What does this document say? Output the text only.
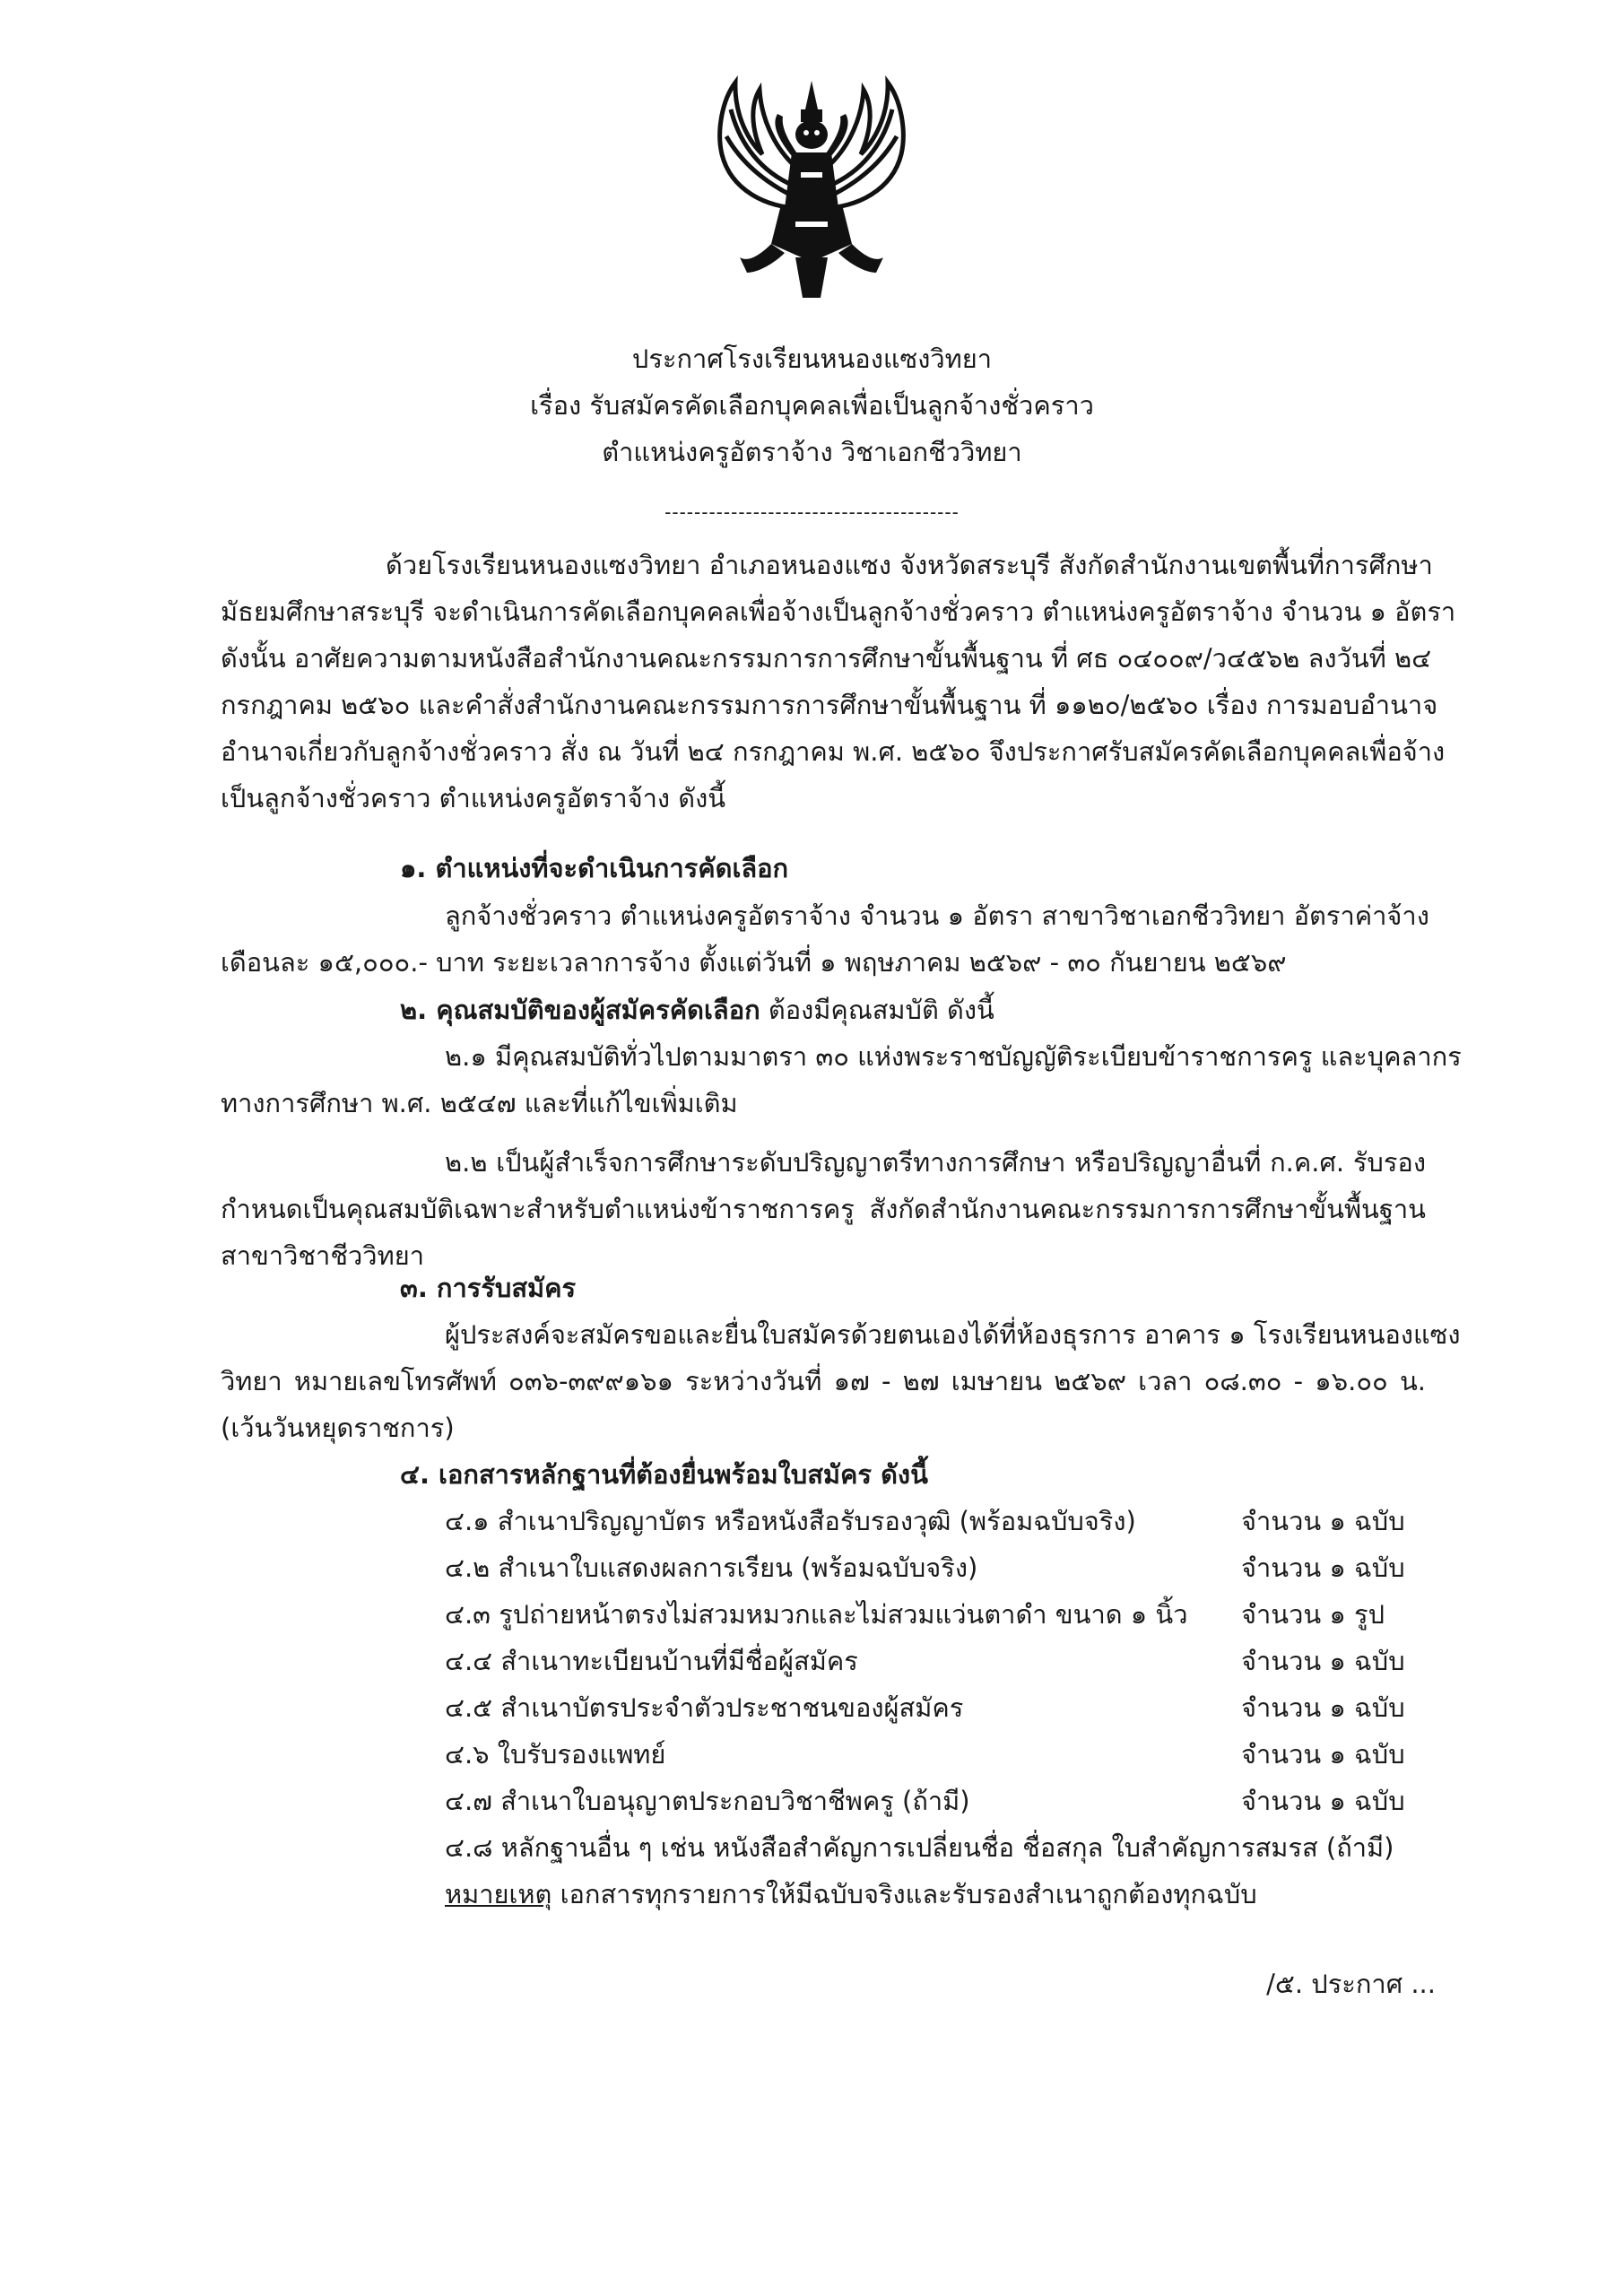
ประกาศโรงเรียนหนองแซงวิทยา
เรื่อง รับสมัครคัดเลือกบุคคลเพื่อเป็นลูกจ้างชั่วคราว
ตำแหน่งครูอัตราจ้าง วิชาเอกชีววิทยา
----------------------------------------
ด้วยโรงเรียนหนองแซงวิทยา อำเภอหนองแซง จังหวัดสระบุรี สังกัดสำนักงานเขตพื้นที่การศึกษา
มัธยมศึกษาสระบุรี จะดำเนินการคัดเลือกบุคคลเพื่อจ้างเป็นลูกจ้างชั่วคราว ตำแหน่งครูอัตราจ้าง จำนวน ๑ อัตรา
ดังนั้น อาศัยความตามหนังสือสำนักงานคณะกรรมการการศึกษาขั้นพื้นฐาน ที่ ศธ ๐๔๐๐๙/ว๔๕๖๒ ลงวันที่ ๒๔
กรกฎาคม ๒๕๖๐ และคำสั่งสำนักงานคณะกรรมการการศึกษาขั้นพื้นฐาน ที่ ๑๑๒๐/๒๕๖๐ เรื่อง การมอบอำนาจ
อำนาจเกี่ยวกับลูกจ้างชั่วคราว สั่ง ณ วันที่ ๒๔ กรกฎาคม พ.ศ. ๒๕๖๐ จึงประกาศรับสมัครคัดเลือกบุคคลเพื่อจ้าง
เป็นลูกจ้างชั่วคราว ตำแหน่งครูอัตราจ้าง ดังนี้
๑. ตำแหน่งที่จะดำเนินการคัดเลือก
ลูกจ้างชั่วคราว ตำแหน่งครูอัตราจ้าง จำนวน ๑ อัตรา สาขาวิชาเอกชีววิทยา อัตราค่าจ้าง
เดือนละ ๑๕,๐๐๐.- บาท ระยะเวลาการจ้าง ตั้งแต่วันที่ ๑ พฤษภาคม ๒๕๖๙ - ๓๐ กันยายน ๒๕๖๙
๒. คุณสมบัติของผู้สมัครคัดเลือก ต้องมีคุณสมบัติ ดังนี้
๒.๑ มีคุณสมบัติทั่วไปตามมาตรา ๓๐ แห่งพระราชบัญญัติระเบียบข้าราชการครู และบุคลากร
ทางการศึกษา พ.ศ. ๒๕๔๗ และที่แก้ไขเพิ่มเติม
๒.๒ เป็นผู้สำเร็จการศึกษาระดับปริญญาตรีทางการศึกษา หรือปริญญาอื่นที่ ก.ค.ศ. รับรอง
กำหนดเป็นคุณสมบัติเฉพาะสำหรับตำแหน่งข้าราชการครู สังกัดสำนักงานคณะกรรมการการศึกษาขั้นพื้นฐาน
สาขาวิชาชีววิทยา
๓. การรับสมัคร
ผู้ประสงค์จะสมัครขอและยื่นใบสมัครด้วยตนเองได้ที่ห้องธุรการ อาคาร ๑ โรงเรียนหนองแซง
วิทยา หมายเลขโทรศัพท์ ๐๓๖-๓๙๙๑๖๑ ระหว่างวันที่ ๑๗ - ๒๗ เมษายน ๒๕๖๙ เวลา ๐๘.๓๐ - ๑๖.๐๐ น.
(เว้นวันหยุดราชการ)
๔. เอกสารหลักฐานที่ต้องยื่นพร้อมใบสมัคร ดังนี้
๔.๑ สำเนาปริญญาบัตร หรือหนังสือรับรองวุฒิ (พร้อมฉบับจริง)	จำนวน ๑ ฉบับ
๔.๒ สำเนาใบแสดงผลการเรียน (พร้อมฉบับจริง)	จำนวน ๑ ฉบับ
๔.๓ รูปถ่ายหน้าตรงไม่สวมหมวกและไม่สวมแว่นตาดำ ขนาด ๑ นิ้ว จำนวน ๑ รูป
๔.๔ สำเนาทะเบียนบ้านที่มีชื่อผู้สมัคร	จำนวน ๑ ฉบับ
๔.๕ สำเนาบัตรประจำตัวประชาชนของผู้สมัคร	จำนวน ๑ ฉบับ
๔.๖ ใบรับรองแพทย์	จำนวน ๑ ฉบับ
๔.๗ สำเนาใบอนุญาตประกอบวิชาชีพครู (ถ้ามี)	จำนวน ๑ ฉบับ
๔.๘ หลักฐานอื่น ๆ เช่น หนังสือสำคัญการเปลี่ยนชื่อ ชื่อสกุล ใบสำคัญการสมรส (ถ้ามี)
หมายเหตุ เอกสารทุกรายการให้มีฉบับจริงและรับรองสำเนาถูกต้องทุกฉบับ
/๕. ประกาศ ...
